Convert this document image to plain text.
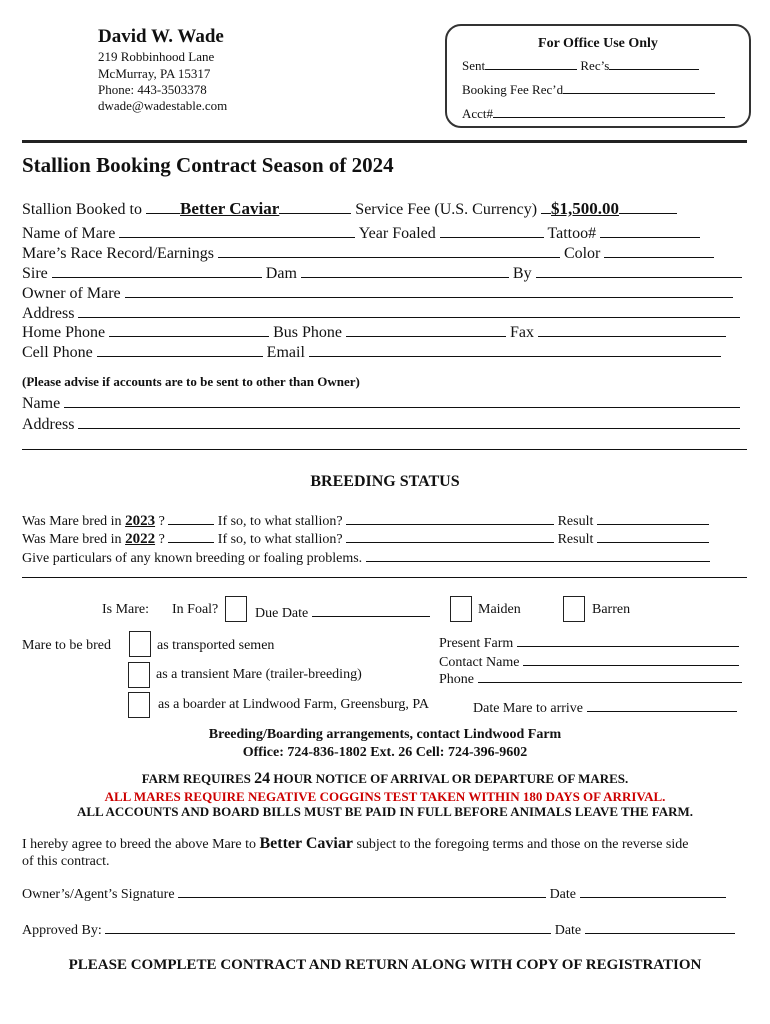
David W. Wade
219 Robbinhood Lane
McMurray, PA 15317
Phone: 443-3503378
dwade@wadestable.com
For Office Use Only
Sent	Rec’s
Booking Fee Rec’d
Acct#
Stallion Booking Contract Season of 2024
Stallion Booked to Better Caviar	Service Fee (U.S. Currency) $1,500.00
Name of Mare	Year Foaled	Tattoo#
Mare’s Race Record/Earnings	Color
Sire	Dam	By
Owner of Mare
Address
Home Phone	Bus Phone	Fax
Cell Phone	Email
(Please advise if accounts are to be sent to other than Owner)
Name
Address
BREEDING STATUS
Was Mare bred in 2023 ?	If so, to what stallion?	Result
Was Mare bred in 2022 ?	If so, to what stallion?	Result
Give particulars of any known breeding or foaling problems.
Is Mare: In Foal?	Due Date	Maiden	Barren
Mare to be bred	as transported semen
as a transient Mare (trailer-breeding)
as a boarder at Lindwood Farm, Greensburg, PA
Present Farm
Contact Name
Phone
Date Mare to arrive
Breeding/Boarding arrangements, contact Lindwood Farm
Office: 724-836-1802 Ext. 26 Cell: 724-396-9602
FARM REQUIRES 24 HOUR NOTICE OF ARRIVAL OR DEPARTURE OF MARES.
ALL MARES REQUIRE NEGATIVE COGGINS TEST TAKEN WITHIN 180 DAYS OF ARRIVAL.
ALL ACCOUNTS AND BOARD BILLS MUST BE PAID IN FULL BEFORE ANIMALS LEAVE THE FARM.
I hereby agree to breed the above Mare to Better Caviar subject to the foregoing terms and those on the reverse side
of this contract.
Owner’s/Agent’s Signature	Date
Approved By:	Date
PLEASE COMPLETE CONTRACT AND RETURN ALONG WITH COPY OF REGISTRATION
